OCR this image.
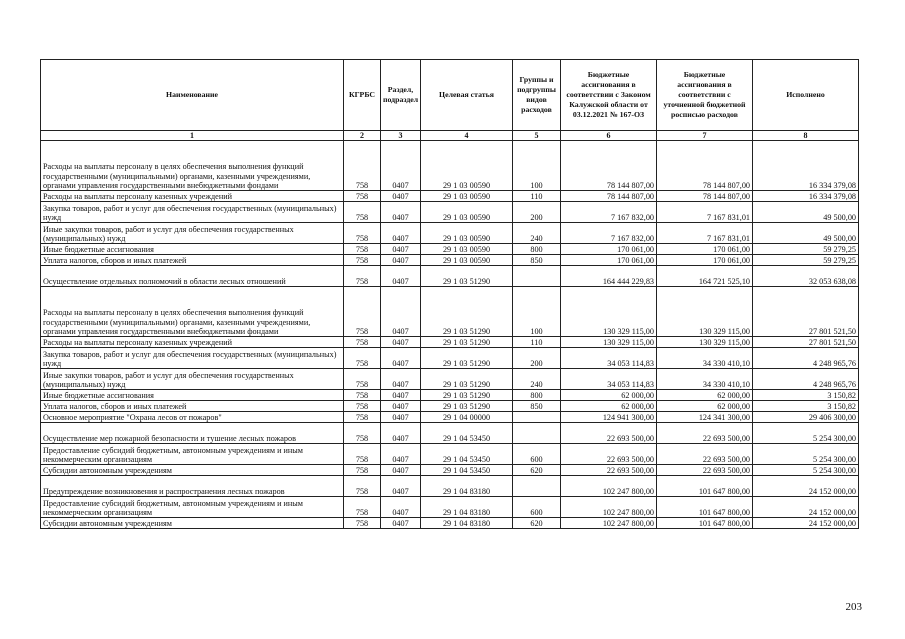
Наименование	КГРБС	Раздел, подраздел	Целевая статья	Группы и подгруппы видов расходов	Бюджетные ассигнования в соответствии с Законом Калужской области от 03.12.2021 № 167-ОЗ	Бюджетные ассигнования в соответствии с уточненной бюджетной росписью расходов	Исполнено
1	2	3	4	5	6	7	8
Расходы на выплаты персоналу в целях обеспечения выполнения функций государственными (муниципальными) органами, казенными учреждениями, органами управления государственными внебюджетными фондами	758	0407	29 1 03 00590	100	78 144 807,00	78 144 807,00	16 334 379,08
Расходы на выплаты персоналу казенных учреждений	758	0407	29 1 03 00590	110	78 144 807,00	78 144 807,00	16 334 379,08
Закупка товаров, работ и услуг для обеспечения государственных (муниципальных) нужд	758	0407	29 1 03 00590	200	7 167 832,00	7 167 831,01	49 500,00
Иные закупки товаров, работ и услуг для обеспечения государственных (муниципальных) нужд	758	0407	29 1 03 00590	240	7 167 832,00	7 167 831,01	49 500,00
Иные бюджетные ассигнования	758	0407	29 1 03 00590	800	170 061,00	170 061,00	59 279,25
Уплата налогов, сборов и иных платежей	758	0407	29 1 03 00590	850	170 061,00	170 061,00	59 279,25
Осуществление отдельных полномочий в области лесных отношений	758	0407	29 1 03 51290		164 444 229,83	164 721 525,10	32 053 638,08
Расходы на выплаты персоналу в целях обеспечения выполнения функций государственными (муниципальными) органами, казенными учреждениями, органами управления государственными внебюджетными фондами	758	0407	29 1 03 51290	100	130 329 115,00	130 329 115,00	27 801 521,50
Расходы на выплаты персоналу казенных учреждений	758	0407	29 1 03 51290	110	130 329 115,00	130 329 115,00	27 801 521,50
Закупка товаров, работ и услуг для обеспечения государственных (муниципальных) нужд	758	0407	29 1 03 51290	200	34 053 114,83	34 330 410,10	4 248 965,76
Иные закупки товаров, работ и услуг для обеспечения государственных (муниципальных) нужд	758	0407	29 1 03 51290	240	34 053 114,83	34 330 410,10	4 248 965,76
Иные бюджетные ассигнования	758	0407	29 1 03 51290	800	62 000,00	62 000,00	3 150,82
Уплата налогов, сборов и иных платежей	758	0407	29 1 03 51290	850	62 000,00	62 000,00	3 150,82
Основное мероприятие "Охрана лесов от пожаров"	758	0407	29 1 04 00000		124 941 300,00	124 341 300,00	29 406 300,00
Осуществление мер пожарной безопасности и тушение лесных пожаров	758	0407	29 1 04 53450		22 693 500,00	22 693 500,00	5 254 300,00
Предоставление субсидий бюджетным, автономным учреждениям и иным некоммерческим организациям	758	0407	29 1 04 53450	600	22 693 500,00	22 693 500,00	5 254 300,00
Субсидии автономным учреждениям	758	0407	29 1 04 53450	620	22 693 500,00	22 693 500,00	5 254 300,00
Предупреждение возникновения и распространения лесных пожаров	758	0407	29 1 04 83180		102 247 800,00	101 647 800,00	24 152 000,00
Предоставление субсидий бюджетным, автономным учреждениям и иным некоммерческим организациям	758	0407	29 1 04 83180	600	102 247 800,00	101 647 800,00	24 152 000,00
Субсидии автономным учреждениям	758	0407	29 1 04 83180	620	102 247 800,00	101 647 800,00	24 152 000,00
203
